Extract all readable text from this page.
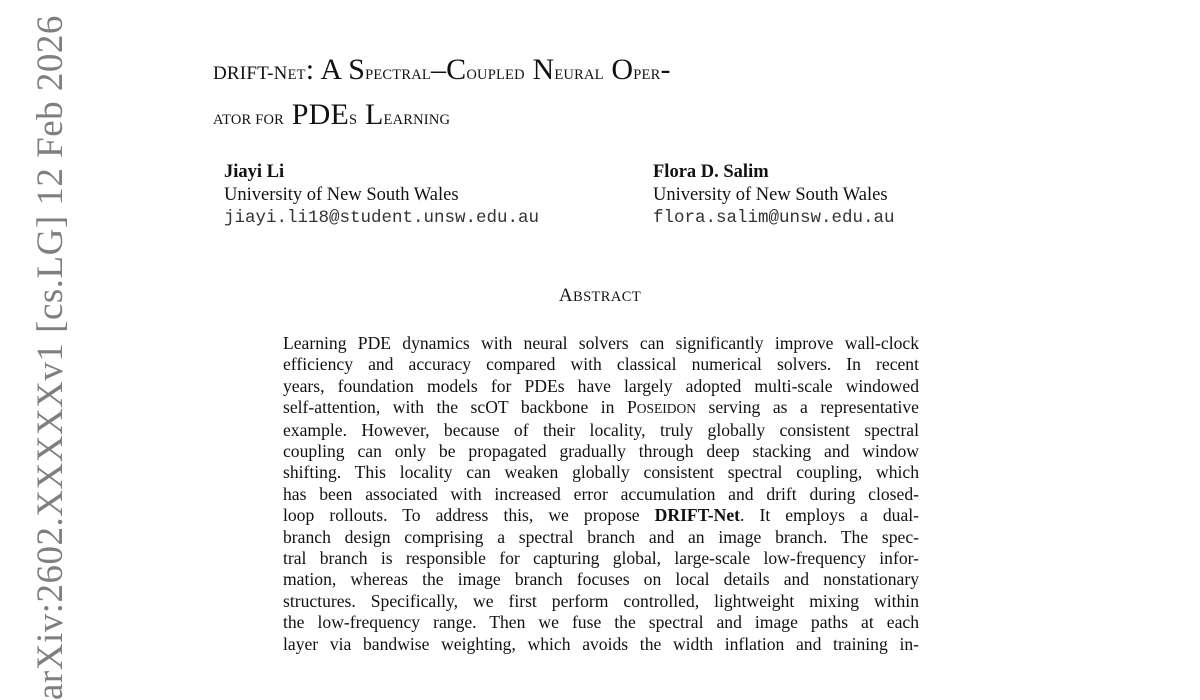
DRIFT-NET: A SPECTRAL–COUPLED NEURAL OPER-
ATOR FOR PDES LEARNING
Jiayi Li
University of New South Wales
jiayi.li18@student.unsw.edu.au
Flora D. Salim
University of New South Wales
flora.salim@unsw.edu.au
ABSTRACT
Learning PDE dynamics with neural solvers can significantly improve wall-clock
efficiency and accuracy compared with classical numerical solvers. In recent
years, foundation models for PDEs have largely adopted multi-scale windowed
self-attention, with the scOT backbone in POSEIDON serving as a representative
example. However, because of their locality, truly globally consistent spectral
coupling can only be propagated gradually through deep stacking and window
shifting. This locality can weaken globally consistent spectral coupling, which
has been associated with increased error accumulation and drift during closed-
loop rollouts. To address this, we propose DRIFT-Net. It employs a dual-
branch design comprising a spectral branch and an image branch. The spec-
tral branch is responsible for capturing global, large-scale low-frequency infor-
mation, whereas the image branch focuses on local details and nonstationary
structures. Specifically, we first perform controlled, lightweight mixing within
the low-frequency range. Then we fuse the spectral and image paths at each
layer via bandwise weighting, which avoids the width inflation and training in-
arXiv:2602.XXXXXv1 [cs.LG] 12 Feb 2026
